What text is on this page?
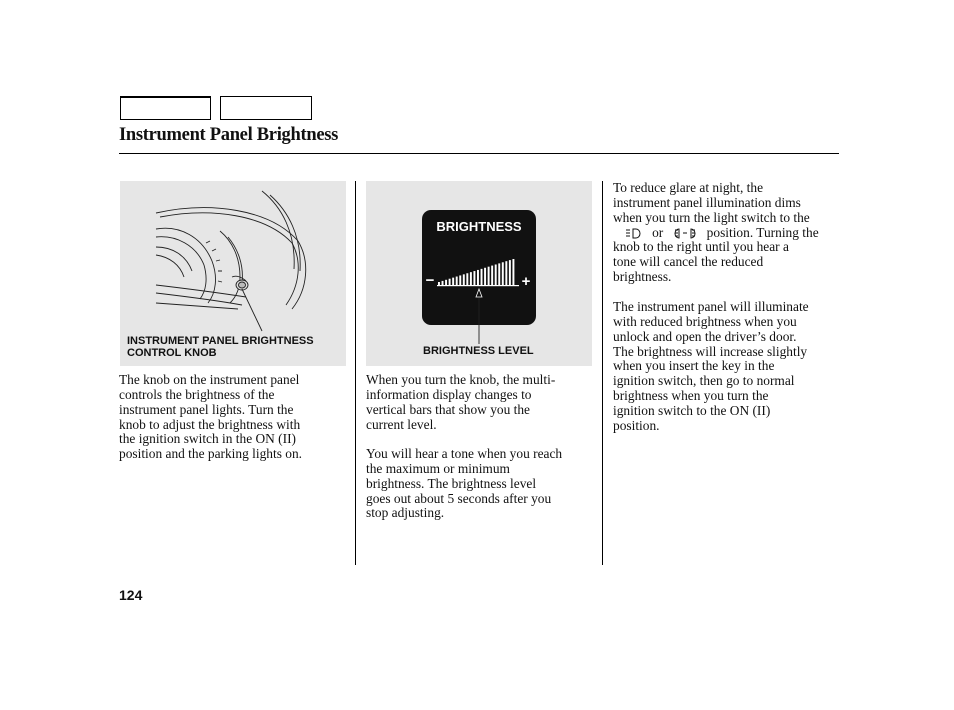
Instrument Panel Brightness

INSTRUMENT PANEL BRIGHTNESS
CONTROL KNOB

BRIGHTNESS
−	+

BRIGHTNESS LEVEL

The knob on the instrument panel
controls the brightness of the
instrument panel lights. Turn the
knob to adjust the brightness with
the ignition switch in the ON (II)
position and the parking lights on.
When you turn the knob, the multi-
information display changes to
vertical bars that show you the
current level.
You will hear a tone when you reach
the maximum or minimum
brightness. The brightness level
goes out about 5 seconds after you
stop adjusting.
To reduce glare at night, the
instrument panel illumination dims
when you turn the light switch to the
or	position. Turning the
knob to the right until you hear a
tone will cancel the reduced
brightness.
The instrument panel will illuminate
with reduced brightness when you
unlock and open the driver’s door.
The brightness will increase slightly
when you insert the key in the
ignition switch, then go to normal
brightness when you turn the
ignition switch to the ON (II)
position.

124
